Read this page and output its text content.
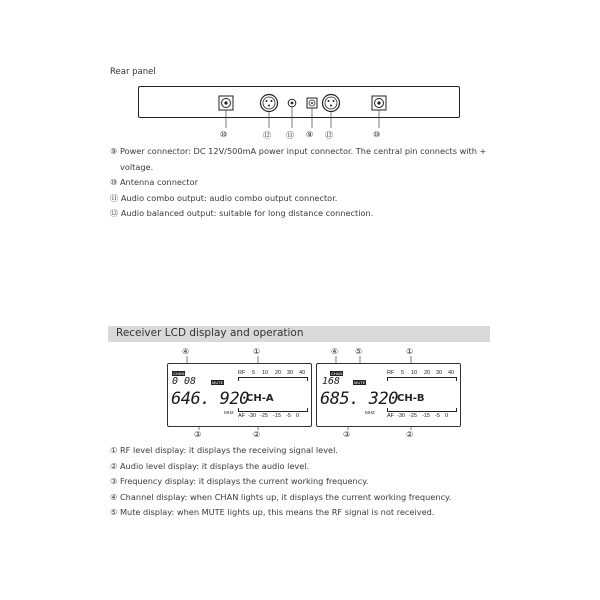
Rear panel
⑩	⑫ ⑪ ⑨ ⑫	⑩
⑨ Power connector: DC 12V/500mA power input connector. The central pin connects with +
voltage.
⑩ Antenna connector
⑪ Audio combo output: audio combo output connector.
⑫ Audio balanced output: suitable for long distance connection.
Receiver LCD display and operation
④	①
③	②
④ ⑤	①
③	②
CHAN
0 08	MUTE
RF 5 10 20 30 40
646. 920
CH-A
MHZ
AF -30 -25 -15 -5 0
CHAN
168	MUTE
RF 5 10 20 30 40
685. 320 CH-B
MHZ
AF -30 -25 -15 -5 0
① RF level display: it displays the receiving signal level.
② Audio level display: it displays the audio level.
③ Frequency display: it displays the current working frequency.
④ Channel display: when CHAN lights up, it displays the current working frequency.
⑤ Mute display: when MUTE lights up, this means the RF signal is not received.
